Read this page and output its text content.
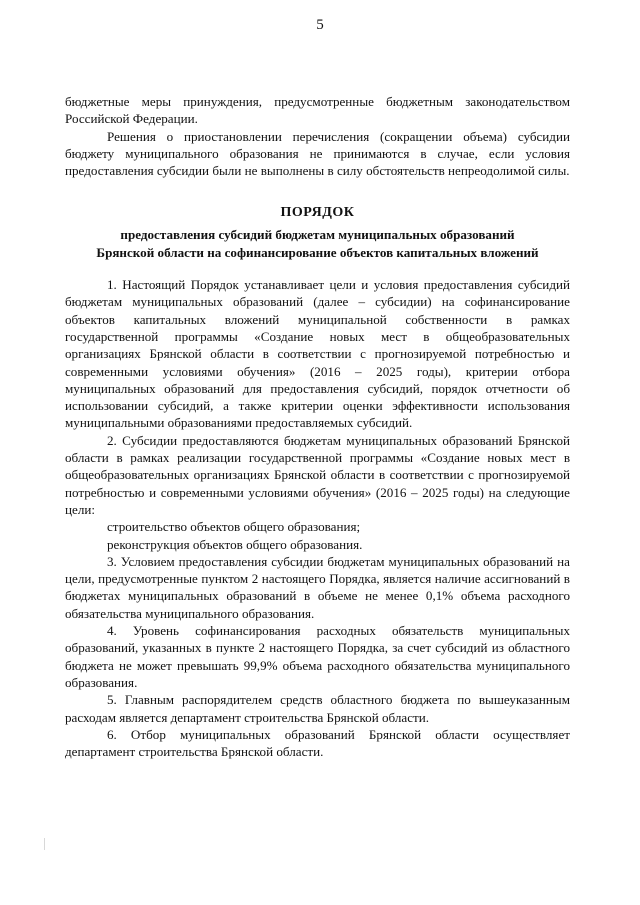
5

бюджетные меры принуждения, предусмотренные бюджетным законодательством Российской Федерации.

Решения о приостановлении перечисления (сокращении объема) субсидии бюджету муниципального образования не принимаются в случае, если условия предоставления субсидии были не выполнены в силу обстоятельств непреодолимой силы.

ПОРЯДОК
предоставления субсидий бюджетам муниципальных образований
Брянской области на софинансирование объектов капитальных вложений

1. Настоящий Порядок устанавливает цели и условия предоставления субсидий бюджетам муниципальных образований (далее – субсидии) на софинансирование объектов капитальных вложений муниципальной собственности в рамках государственной программы «Создание новых мест в общеобразовательных организациях Брянской области в соответствии с прогнозируемой потребностью и современными условиями обучения» (2016 – 2025 годы), критерии отбора муниципальных образований для предоставления субсидий, порядок отчетности об использовании субсидий, а также критерии оценки эффективности использования муниципальными образованиями предоставляемых субсидий.

2. Субсидии предоставляются бюджетам муниципальных образований Брянской области в рамках реализации государственной программы «Создание новых мест в общеобразовательных организациях Брянской области в соответствии с прогнозируемой потребностью и современными условиями обучения» (2016 – 2025 годы) на следующие цели:

строительство объектов общего образования;

реконструкция объектов общего образования.

3. Условием предоставления субсидии бюджетам муниципальных образований на цели, предусмотренные пунктом 2 настоящего Порядка, является наличие ассигнований в бюджетах муниципальных образований в объеме не менее 0,1% объема расходного обязательства муниципального образования.

4. Уровень софинансирования расходных обязательств муниципальных образований, указанных в пункте 2 настоящего Порядка, за счет субсидий из областного бюджета не может превышать 99,9% объема расходного обязательства муниципального образования.

5. Главным распорядителем средств областного бюджета по вышеуказанным расходам является департамент строительства Брянской области.

6. Отбор муниципальных образований Брянской области осуществляет департамент строительства Брянской области.
